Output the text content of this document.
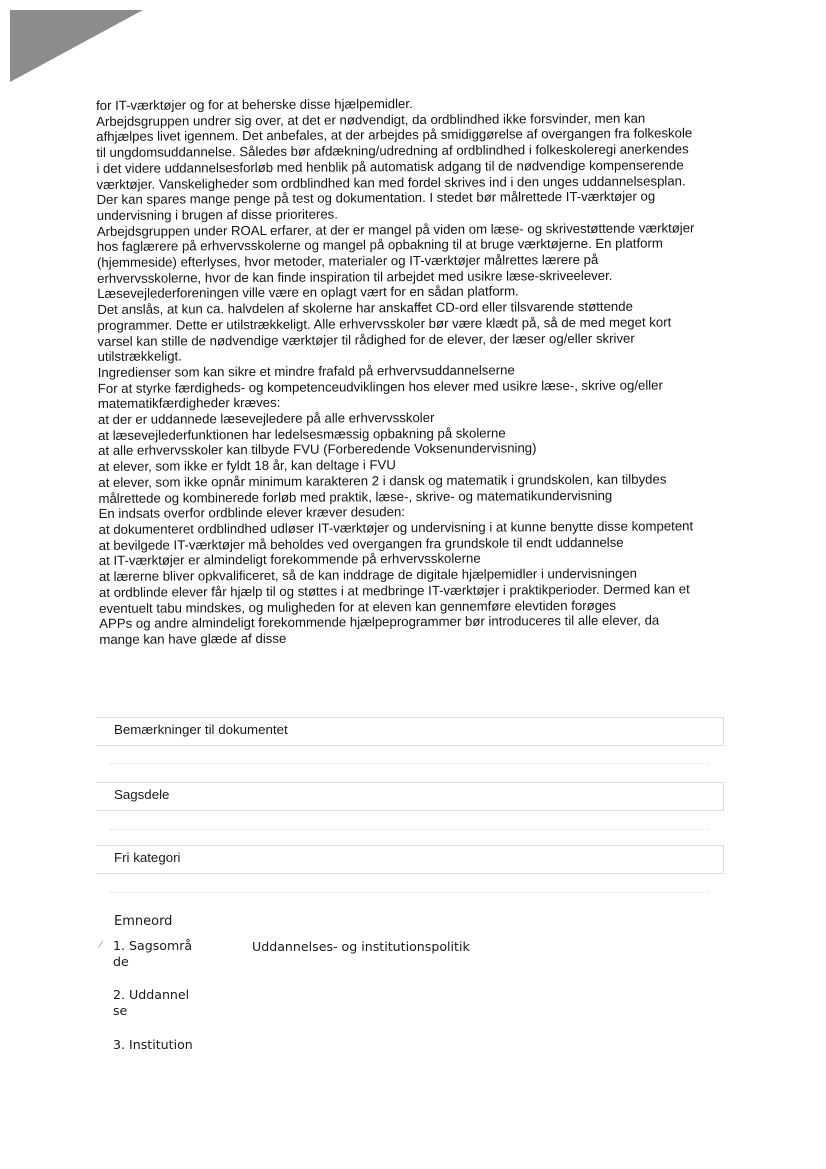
for IT-værktøjer og for at beherske disse hjælpemidler.

Arbejdsgruppen undrer sig over, at det er nødvendigt, da ordblindhed ikke forsvinder, men kan

afhjælpes livet igennem. Det anbefales, at der arbejdes på smidiggørelse af overgangen fra folkeskole

til ungdomsuddannelse. Således bør afdækning/udredning af ordblindhed i folkeskoleregi anerkendes

i det videre uddannelsesforløb med henblik på automatisk adgang til de nødvendige kompenserende

værktøjer. Vanskeligheder som ordblindhed kan med fordel skrives ind i den unges uddannelsesplan.

Der kan spares mange penge på test og dokumentation. I stedet bør målrettede IT-værktøjer og

undervisning i brugen af disse prioriteres.

Arbejdsgruppen under ROAL erfarer, at der er mangel på viden om læse- og skrivestøttende værktøjer

hos faglærere på erhvervsskolerne og mangel på opbakning til at bruge værktøjerne. En platform

(hjemmeside) efterlyses, hvor metoder, materialer og IT-værktøjer målrettes lærere på

erhvervsskolerne, hvor de kan finde inspiration til arbejdet med usikre læse-skriveelever.

Læsevejlederforeningen ville være en oplagt vært for en sådan platform.

Det anslås, at kun ca. halvdelen af skolerne har anskaffet CD-ord eller tilsvarende støttende

programmer. Dette er utilstrækkeligt. Alle erhvervsskoler bør være klædt på, så de med meget kort

varsel kan stille de nødvendige værktøjer til rådighed for de elever, der læser og/eller skriver

utilstrækkeligt.

Ingredienser som kan sikre et mindre frafald på erhvervsuddannelserne

For at styrke færdigheds- og kompetenceudviklingen hos elever med usikre læse-, skrive og/eller

matematikfærdigheder kræves:

at der er uddannede læsevejledere på alle erhvervsskoler

at læsevejlederfunktionen har ledelsesmæssig opbakning på skolerne

at alle erhvervsskoler kan tilbyde FVU (Forberedende Voksenundervisning)

at elever, som ikke er fyldt 18 år, kan deltage i FVU

at elever, som ikke opnår minimum karakteren 2 i dansk og matematik i grundskolen, kan tilbydes

målrettede og kombinerede forløb med praktik, læse-, skrive- og matematikundervisning

En indsats overfor ordblinde elever kræver desuden:

at dokumenteret ordblindhed udløser IT-værktøjer og undervisning i at kunne benytte disse kompetent

at bevilgede IT-værktøjer må beholdes ved overgangen fra grundskole til endt uddannelse

at IT-værktøjer er almindeligt forekommende på erhvervsskolerne

at lærerne bliver opkvalificeret, så de kan inddrage de digitale hjælpemidler i undervisningen

at ordblinde elever får hjælp til og støttes i at medbringe IT-værktøjer i praktikperioder. Dermed kan et

eventuelt tabu mindskes, og muligheden for at eleven kan gennemføre elevtiden forøges

APPs og andre almindeligt forekommende hjælpeprogrammer bør introduceres til alle elever, da

mange kan have glæde af disse

Bemærkninger til dokumentet
Sagsdele
Fri kategori
Emneord
∕ 1. Sagsområde
Uddannelses- og institutionspolitik
2. Uddannelse
3. Institution
